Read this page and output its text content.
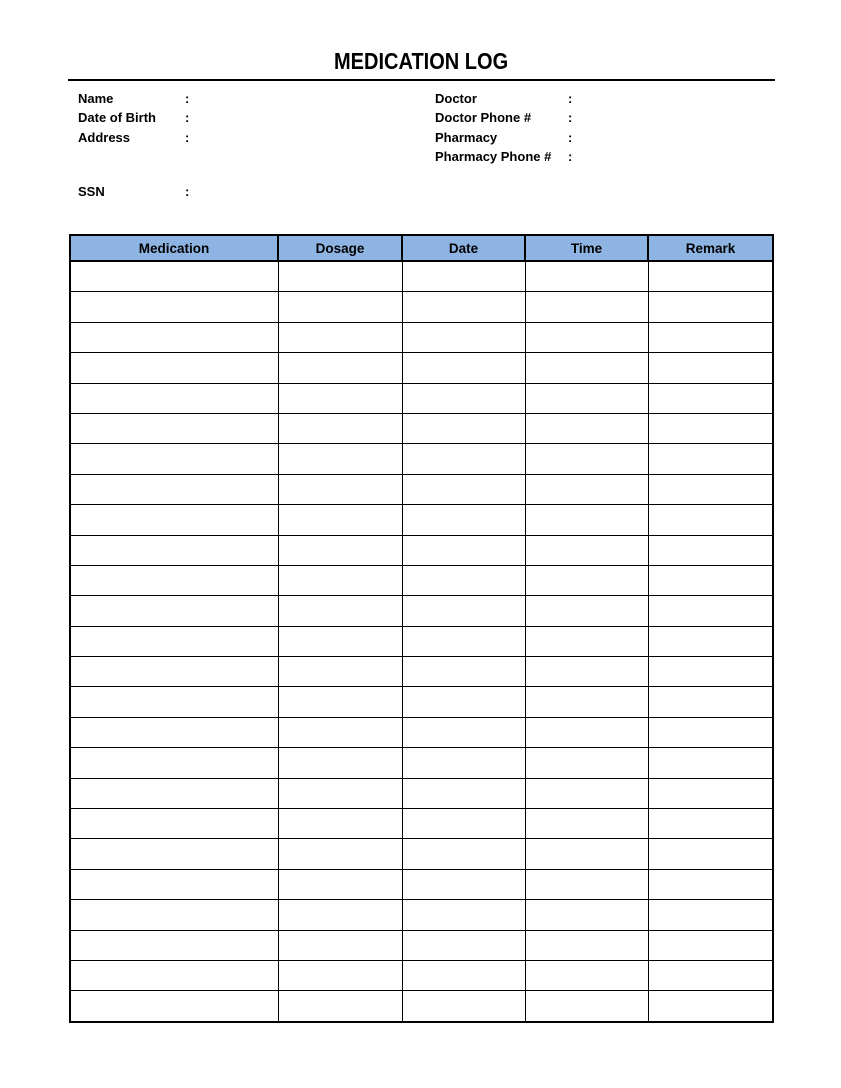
MEDICATION LOG
Name	:
Date of Birth	:
Address	:
Doctor	:
Doctor Phone #	:
Pharmacy	:
Pharmacy Phone #	:
SSN	:
Medication	Dosage	Date	Time	Remark
